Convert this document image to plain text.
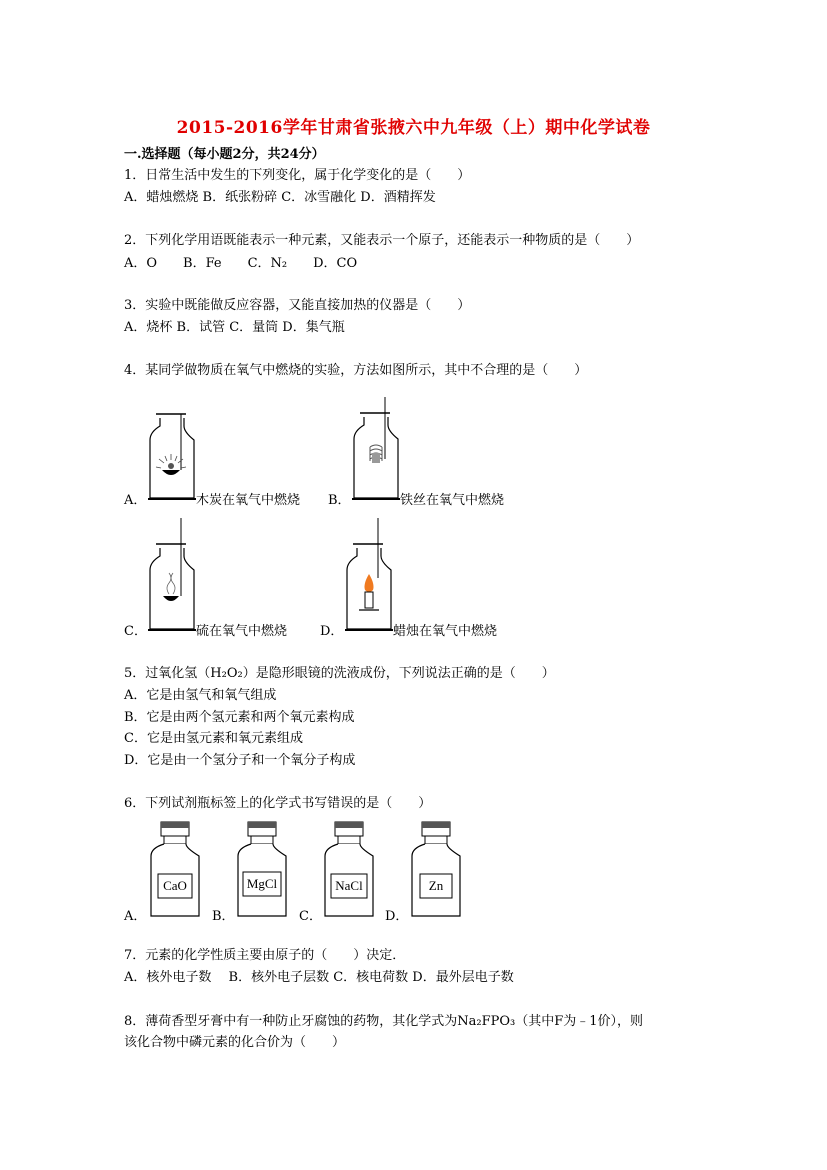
2015-2016学年甘肃省张掖六中九年级（上）期中化学试卷
一.选择题（每小题2分，共24分）
1．日常生活中发生的下列变化，属于化学变化的是（　　）
A．蜡烛燃烧 B．纸张粉碎 C．冰雪融化 D．酒精挥发
2．下列化学用语既能表示一种元素，又能表示一个原子，还能表示一种物质的是（　　）
A．O　　B．Fe　　C．N₂　　D．CO
3．实验中既能做反应容器，又能直接加热的仪器是（　　）
A．烧杯 B．试管 C．量筒 D．集气瓶
4．某同学做物质在氧气中燃烧的实验，方法如图所示，其中不合理的是（　　）
A．	木炭在氧气中燃烧 B．	铁丝在氧气中燃烧
C．	硫在氧气中燃烧	D．	蜡烛在氧气中燃烧
5．过氧化氢（H₂O₂）是隐形眼镜的洗液成份，下列说法正确的是（　　）
A．它是由氢气和氧气组成
B．它是由两个氢元素和两个氧元素构成
C．它是由氢元素和氧元素组成
D．它是由一个氢分子和一个氧分子构成
6．下列试剂瓶标签上的化学式书写错误的是（　　）
A．
CaO
B．
MgCl
C．
NaCl
D．
Zn
7．元素的化学性质主要由原子的（　　）决定．
A．核外电子数　 B．核外电子层数 C．核电荷数 D．最外层电子数
8．薄荷香型牙膏中有一种防止牙腐蚀的药物，其化学式为Na₂FPO₃（其中F为﹣1价），则
该化合物中磷元素的化合价为（　　）
